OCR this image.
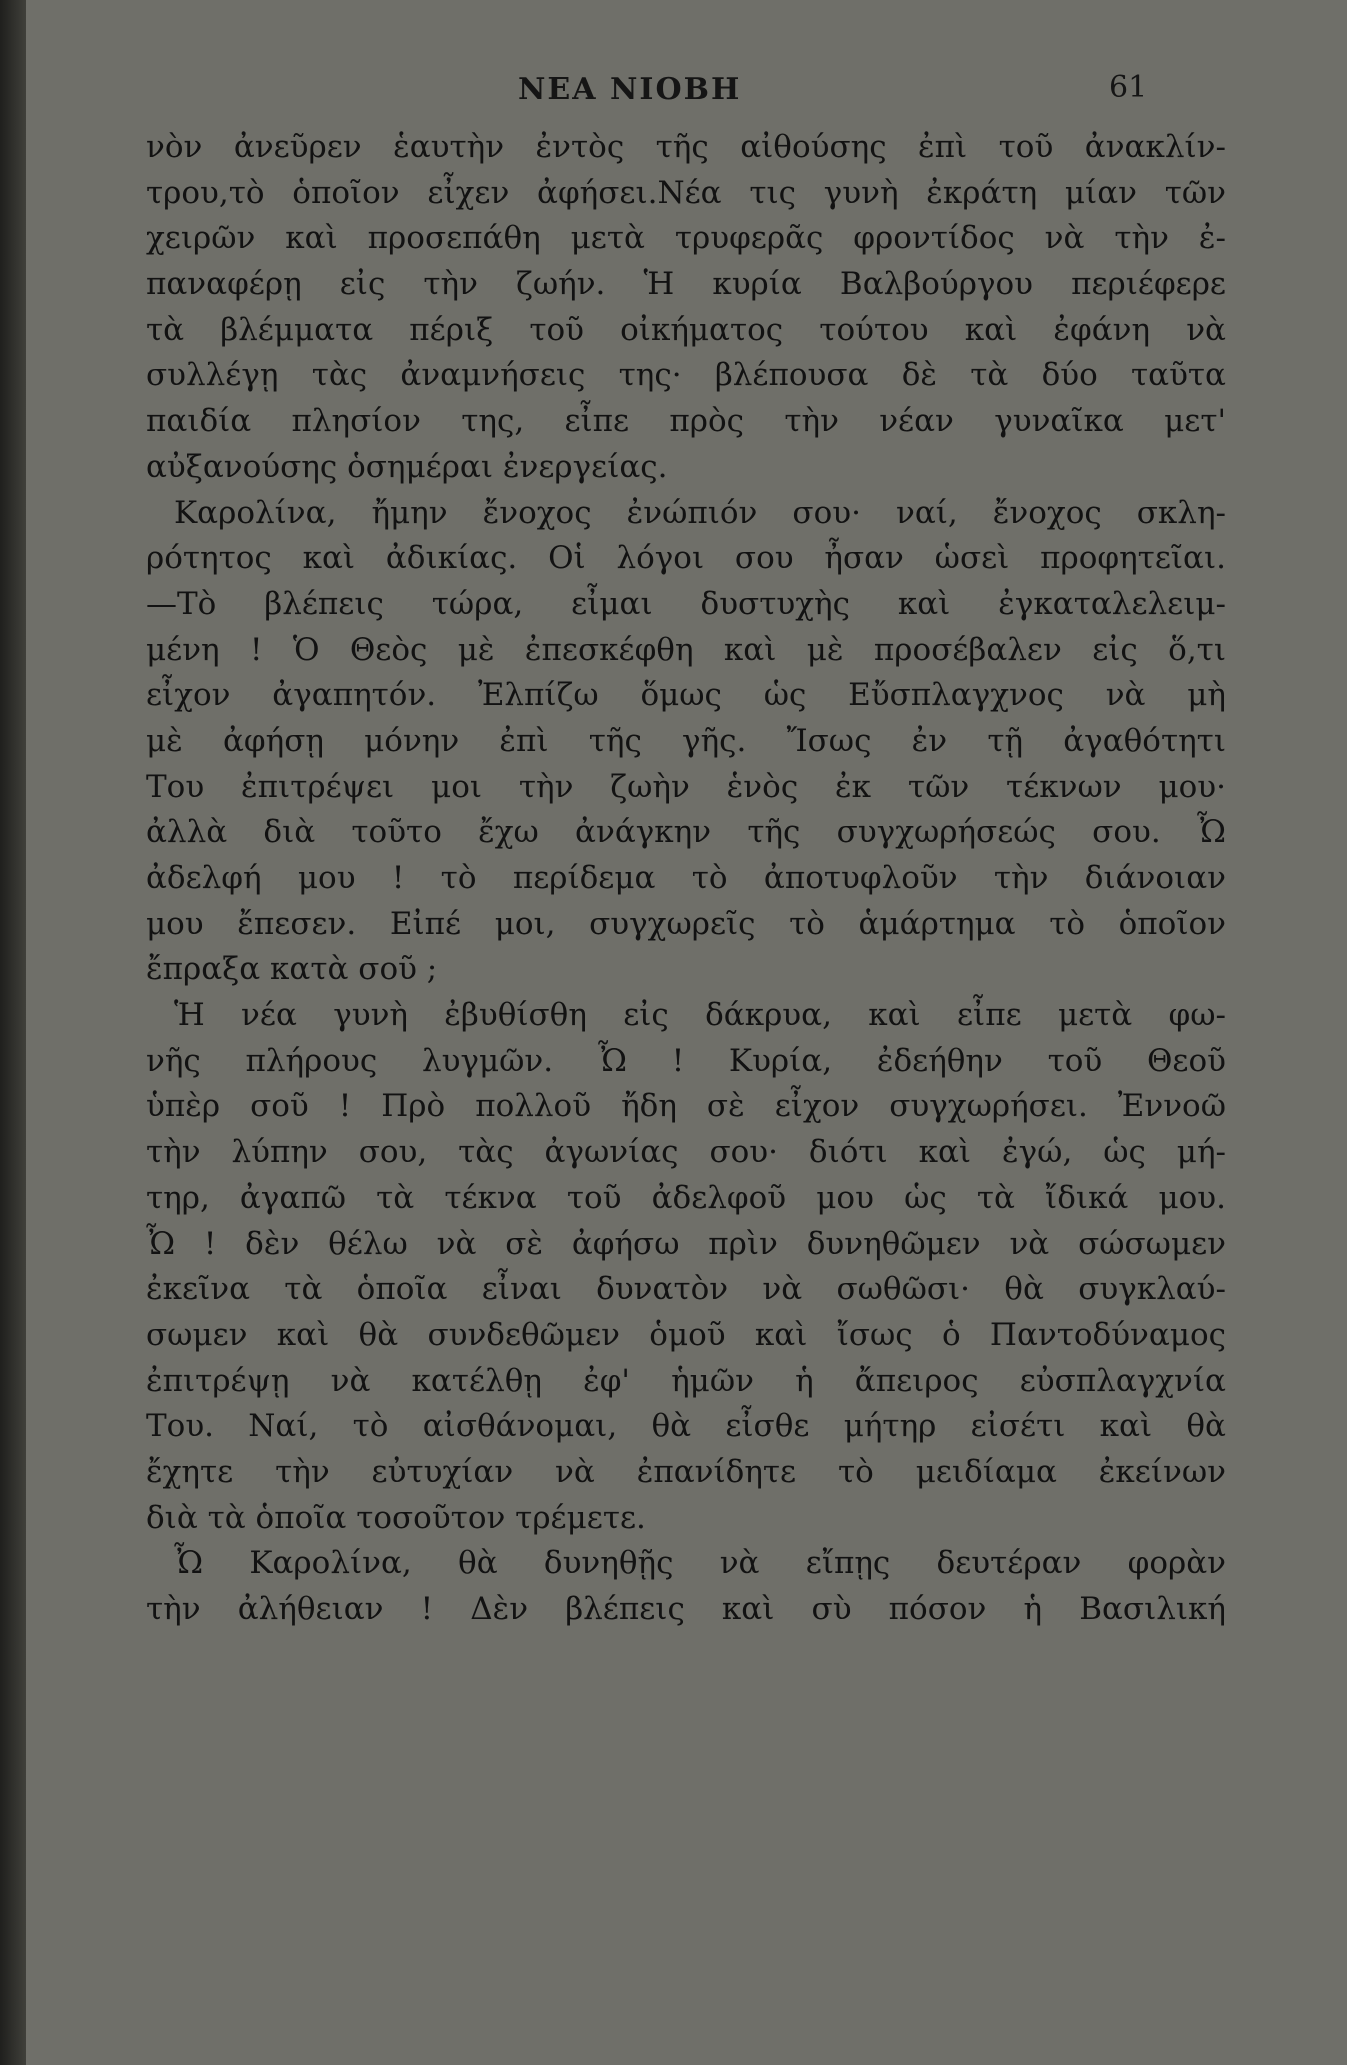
ΝΕΑ ΝΙΟΒΗ	61
νὸν ἀνεῦρεν ἑαυτὴν ἐντὸς τῆς αἰθούσης ἐπὶ τοῦ ἀνακλίν-
τρου,τὸ ὁποῖον εἶχεν ἀφήσει.Νέα τις γυνὴ ἐκράτη μίαν τῶν
χειρῶν καὶ προσεπάθη μετὰ τρυφερᾶς φροντίδος νὰ τὴν ἐ-
παναφέρῃ εἰς τὴν ζωήν. Ἡ κυρία Βαλβούργου περιέφερε
τὰ βλέμματα πέριξ τοῦ οἰκήματος τούτου καὶ ἐφάνη νὰ
συλλέγῃ τὰς ἀναμνήσεις της· βλέπουσα δὲ τὰ δύο ταῦτα
παιδία πλησίον της, εἶπε πρὸς τὴν νέαν γυναῖκα μετ'
αὐξανούσης ὁσημέραι ἐνεργείας.
Καρολίνα, ἤμην ἔνοχος ἐνώπιόν σου· ναί, ἔνοχος σκλη-
ρότητος καὶ ἀδικίας. Οἱ λόγοι σου ἦσαν ὡσεὶ προφητεῖαι.
—Τὸ βλέπεις τώρα, εἶμαι δυστυχὴς καὶ ἐγκαταλελειμ-
μένη ! Ὁ Θεὸς μὲ ἐπεσκέφθη καὶ μὲ προσέβαλεν εἰς ὅ,τι
εἶχον ἀγαπητόν. Ἐλπίζω ὅμως ὡς Εὔσπλαγχνος νὰ μὴ
μὲ ἀφήσῃ μόνην ἐπὶ τῆς γῆς. Ἴσως ἐν τῇ ἀγαθότητι
Του ἐπιτρέψει μοι τὴν ζωὴν ἑνὸς ἐκ τῶν τέκνων μου·
ἀλλὰ διὰ τοῦτο ἔχω ἀνάγκην τῆς συγχωρήσεώς σου. Ὦ
ἀδελφή μου ! τὸ περίδεμα τὸ ἀποτυφλοῦν τὴν διάνοιαν
μου ἔπεσεν. Εἰπέ μοι, συγχωρεῖς τὸ ἁμάρτημα τὸ ὁποῖον
ἔπραξα κατὰ σοῦ ;
Ἡ νέα γυνὴ ἐβυθίσθη εἰς δάκρυα, καὶ εἶπε μετὰ φω-
νῆς πλήρους λυγμῶν. Ὦ ! Κυρία, ἐδεήθην τοῦ Θεοῦ
ὑπὲρ σοῦ ! Πρὸ πολλοῦ ἤδη σὲ εἶχον συγχωρήσει. Ἐννοῶ
τὴν λύπην σου, τὰς ἀγωνίας σου· διότι καὶ ἐγώ, ὡς μή-
τηρ, ἀγαπῶ τὰ τέκνα τοῦ ἀδελφοῦ μου ὡς τὰ ἴδικά μου.
Ὦ ! δὲν θέλω νὰ σὲ ἀφήσω πρὶν δυνηθῶμεν νὰ σώσωμεν
ἐκεῖνα τὰ ὁποῖα εἶναι δυνατὸν νὰ σωθῶσι· θὰ συγκλαύ-
σωμεν καὶ θὰ συνδεθῶμεν ὁμοῦ καὶ ἴσως ὁ Παντοδύναμος
ἐπιτρέψῃ νὰ κατέλθῃ ἐφ' ἡμῶν ἡ ἄπειρος εὐσπλαγχνία
Του. Ναί, τὸ αἰσθάνομαι, θὰ εἶσθε μήτηρ εἰσέτι καὶ θὰ
ἔχητε τὴν εὐτυχίαν νὰ ἐπανίδητε τὸ μειδίαμα ἐκείνων
διὰ τὰ ὁποῖα τοσοῦτον τρέμετε.
Ὦ Καρολίνα, θὰ δυνηθῇς νὰ εἴπῃς δευτέραν φορὰν
τὴν ἀλήθειαν ! Δὲν βλέπεις καὶ σὺ πόσον ἡ Βασιλική
